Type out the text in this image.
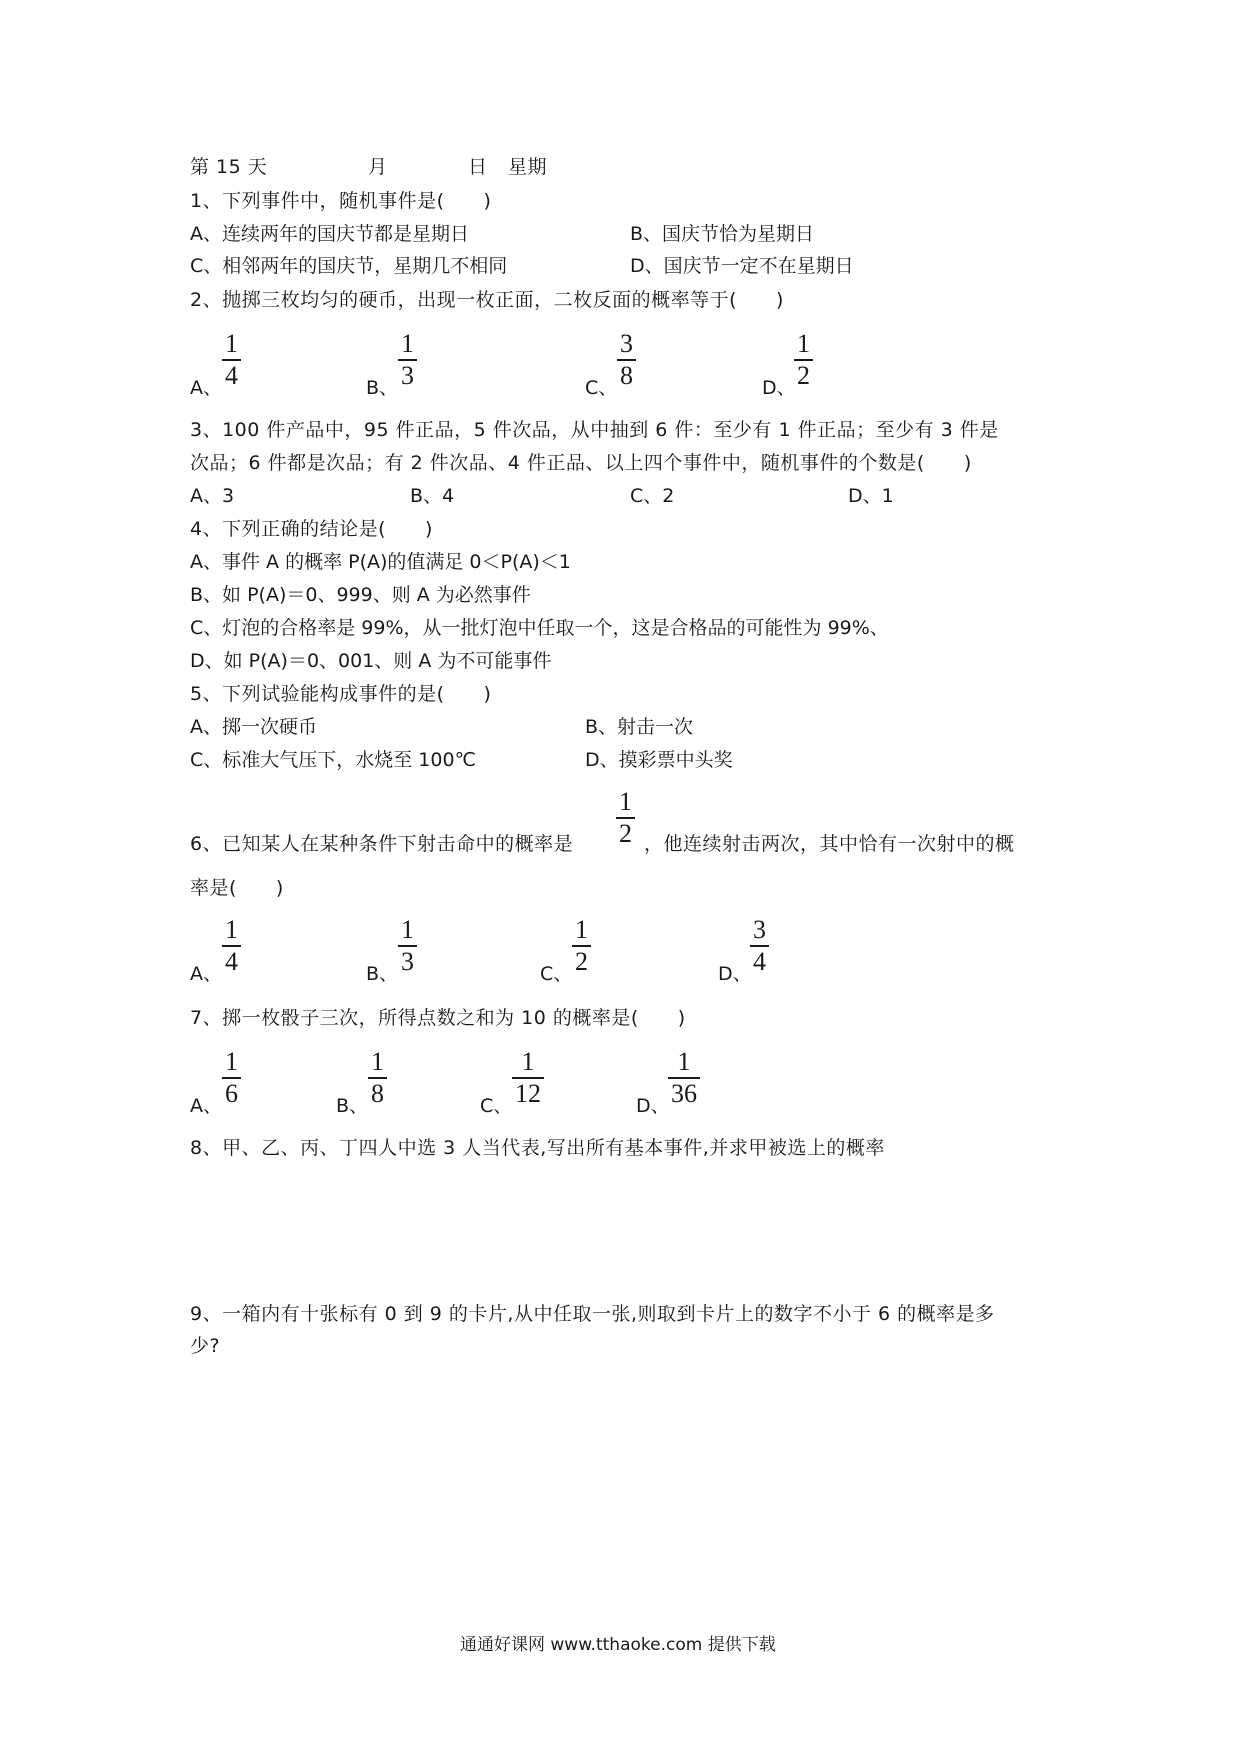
第 15 天	月	日 星期
1、下列事件中，随机事件是(　　)
A、连续两年的国庆节都是星期日	B、国庆节恰为星期日
C、相邻两年的国庆节，星期几不相同	D、国庆节一定不在星期日
2、抛掷三枚均匀的硬币，出现一枚正面，二枚反面的概率等于(　　)
A、
1
4	B、
1
3	C、
3
8	D、
1
2
3、100 件产品中，95 件正品，5 件次品，从中抽到 6 件：至少有 1 件正品；至少有 3 件是
次品；6 件都是次品；有 2 件次品、4 件正品、以上四个事件中，随机事件的个数是(　　)
A、3	B、4	C、2	D、1
4、下列正确的结论是(　　)
A、事件 A 的概率 P(A)的值满足 0＜P(A)＜1
B、如 P(A)＝0、999、则 A 为必然事件
C、灯泡的合格率是 99%，从一批灯泡中任取一个，这是合格品的可能性为 99%、
D、如 P(A)＝0、001、则 A 为不可能事件
5、下列试验能构成事件的是(　　)
A、掷一次硬币	B、射击一次
C、标准大气压下，水烧至 100℃	D、摸彩票中头奖
6、已知某人在某种条件下射击命中的概率是
1
2 ，他连续射击两次，其中恰有一次射中的概
率是(　　)
A、
1
4	B、
1
3	C、
1
2	D、
3
4
7、掷一枚骰子三次，所得点数之和为 10 的概率是(　　)
A、
1
6	B、
1
8	C、
1
12	D、
1
36
8、甲、乙、丙、丁四人中选 3 人当代表,写出所有基本事件,并求甲被选上的概率
9、一箱内有十张标有 0 到 9 的卡片,从中任取一张,则取到卡片上的数字不小于 6 的概率是多
少?
通通好课网 www.tthaoke.com 提供下载
